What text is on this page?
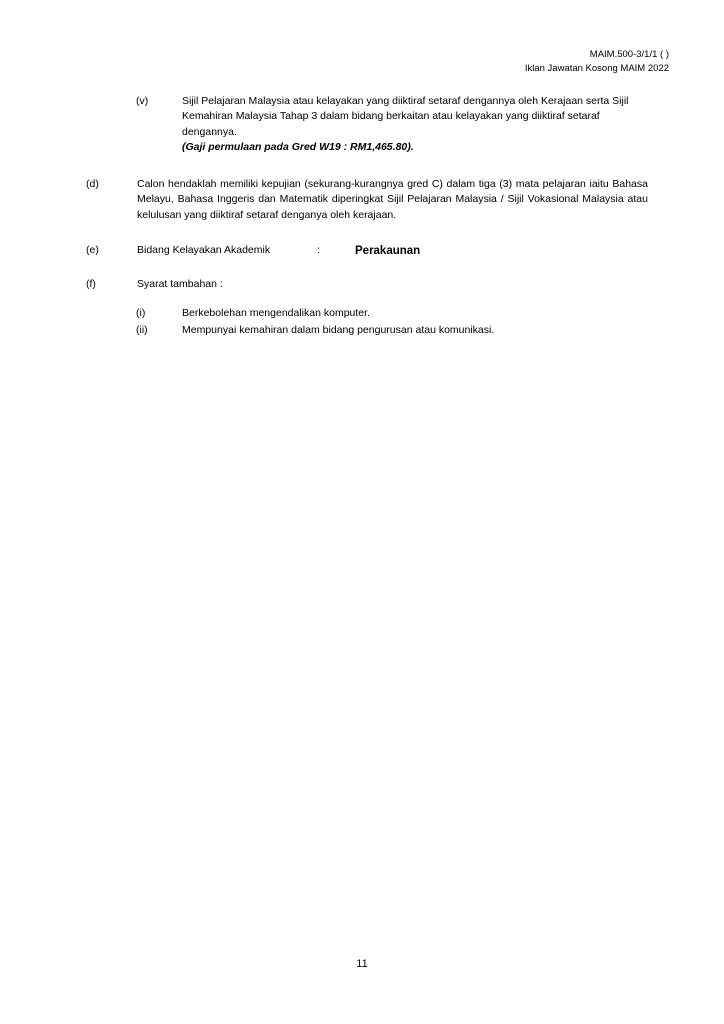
MAIM.500-3/1/1 ( )
Iklan Jawatan Kosong MAIM 2022
(v)	Sijil Pelajaran Malaysia atau kelayakan yang diiktiraf setaraf dengannya oleh Kerajaan serta Sijil Kemahiran Malaysia Tahap 3 dalam bidang berkaitan atau kelayakan yang diiktiraf setaraf dengannya.
(Gaji permulaan pada Gred W19 : RM1,465.80).
(d)	Calon hendaklah memiliki kepujian (sekurang-kurangnya gred C) dalam tiga (3) mata pelajaran iaitu Bahasa Melayu, Bahasa Inggeris dan Matematik diperingkat Sijil Pelajaran Malaysia / Sijil Vokasional Malaysia atau kelulusan yang diiktiraf setaraf denganya oleh kerajaan.
(e)	Bidang Kelayakan Akademik	:	Perakaunan
(f)	Syarat tambahan :
(i)	Berkebolehan mengendalikan komputer.
(ii)	Mempunyai kemahiran dalam bidang pengurusan atau komunikasi.
11
